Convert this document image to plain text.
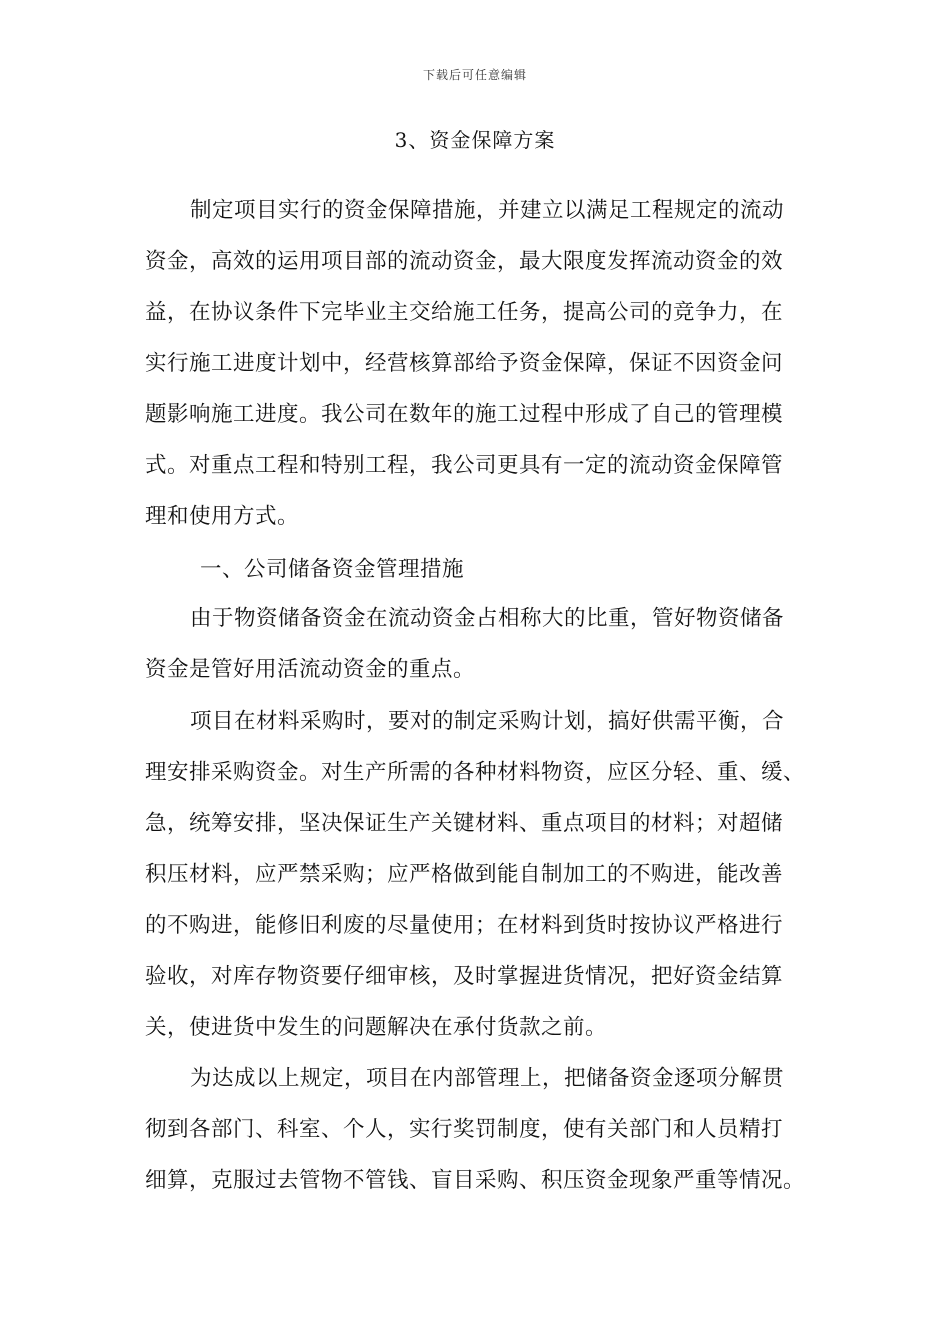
下载后可任意编辑
3、资金保障方案
制定项目实行的资金保障措施，并建立以满足工程规定的流动
资金，高效的运用项目部的流动资金，最大限度发挥流动资金的效
益，在协议条件下完毕业主交给施工任务，提高公司的竞争力，在
实行施工进度计划中，经营核算部给予资金保障，保证不因资金问
题影响施工进度。我公司在数年的施工过程中形成了自己的管理模
式。对重点工程和特别工程，我公司更具有一定的流动资金保障管
理和使用方式。
一、公司储备资金管理措施
由于物资储备资金在流动资金占相称大的比重，管好物资储备
资金是管好用活流动资金的重点。
项目在材料采购时，要对的制定采购计划，搞好供需平衡，合
理安排采购资金。对生产所需的各种材料物资，应区分轻、重、缓、
急，统筹安排，坚决保证生产关键材料、重点项目的材料；对超储
积压材料，应严禁采购；应严格做到能自制加工的不购进，能改善
的不购进，能修旧利废的尽量使用；在材料到货时按协议严格进行
验收，对库存物资要仔细审核，及时掌握进货情况，把好资金结算
关，使进货中发生的问题解决在承付货款之前。
为达成以上规定，项目在内部管理上，把储备资金逐项分解贯
彻到各部门、科室、个人，实行奖罚制度，使有关部门和人员精打
细算，克服过去管物不管钱、盲目采购、积压资金现象严重等情况。
